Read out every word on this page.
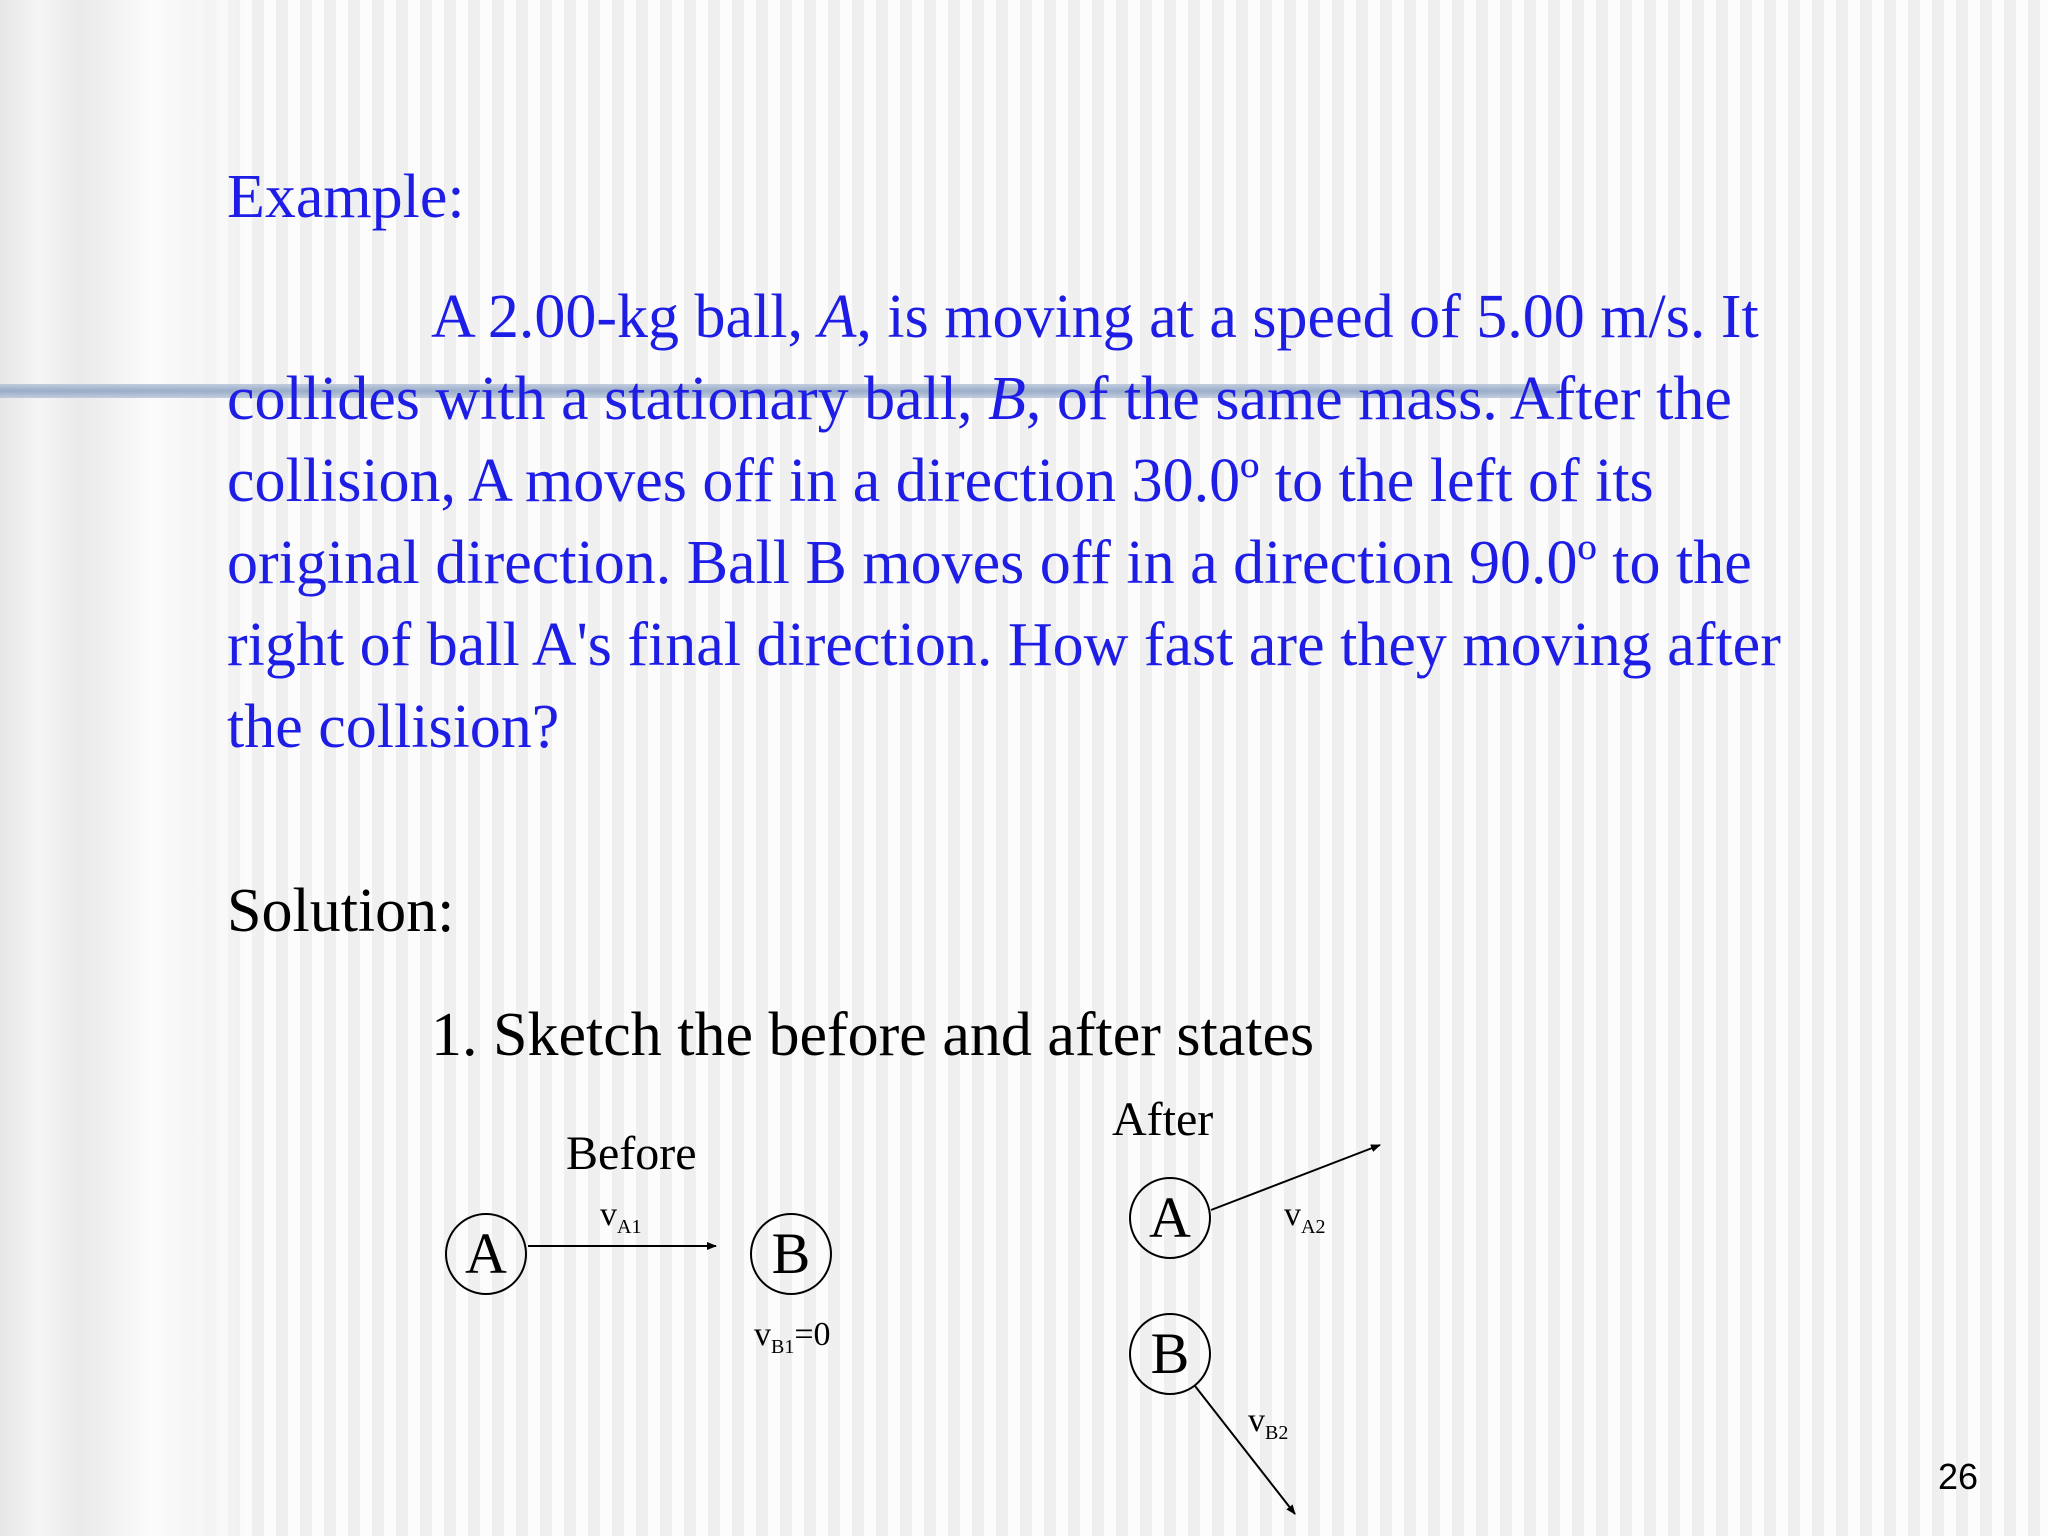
Example:

A 2.00-kg ball, A, is moving at a speed of 5.00 m/s. It collides with a stationary ball, B, of the same mass. After the collision, A moves off in a direction 30.0º to the left of its original direction. Ball B moves off in a direction 90.0º to the right of ball A's final direction. How fast are they moving after the collision?

Solution:

1. Sketch the before and after states

Before
After
A	B
A
B
$v_{A1}$
$v_{B1}=0$
$v_{A2}$
$v_{B2}$
26
